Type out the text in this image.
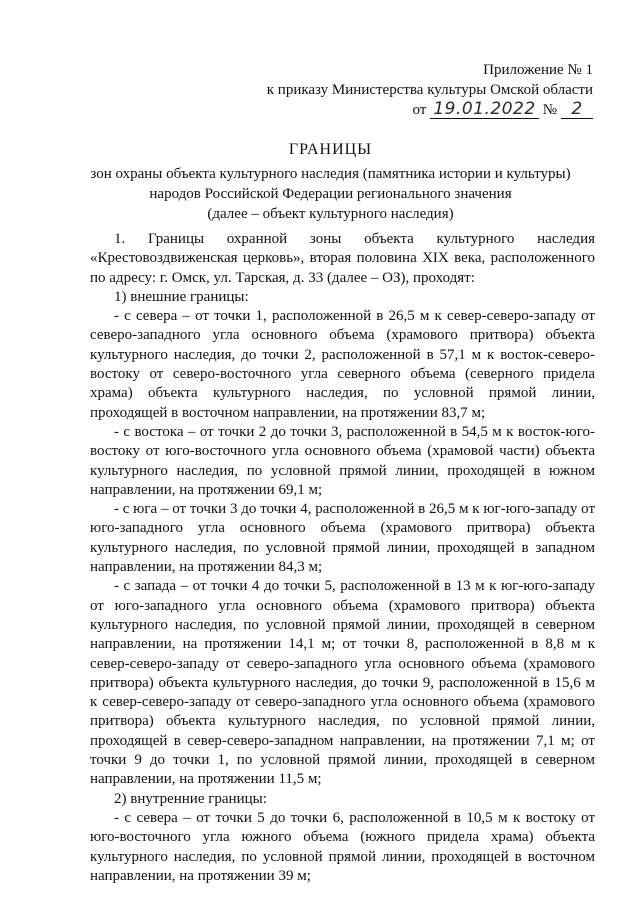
Приложение № 1
к приказу Министерства культуры Омской области
от 19.01.2022 № 2
ГРАНИЦЫ
зон охраны объекта культурного наследия (памятника истории и культуры)
народов Российской Федерации регионального значения
(далее – объект культурного наследия)

1. Границы охранной зоны объекта культурного наследия «Крестовоздвиженская церковь», вторая половина XIX века, расположенного по адресу: г. Омск, ул. Тарская, д. 33 (далее – ОЗ), проходят:

1) внешние границы:

- с севера – от точки 1, расположенной в 26,5 м к север-северо-западу от северо-западного угла основного объема (храмового притвора) объекта культурного наследия, до точки 2, расположенной в 57,1 м к восток-северо-востоку от северо-восточного угла северного объема (северного придела храма) объекта культурного наследия, по условной прямой линии, проходящей в восточном направлении, на протяжении 83,7 м;

- с востока – от точки 2 до точки 3, расположенной в 54,5 м к восток-юго-востоку от юго-восточного угла основного объема (храмовой части) объекта культурного наследия, по условной прямой линии, проходящей в южном направлении, на протяжении 69,1 м;

- с юга – от точки 3 до точки 4, расположенной в 26,5 м к юг-юго-западу от юго-западного угла основного объема (храмового притвора) объекта культурного наследия, по условной прямой линии, проходящей в западном направлении, на протяжении 84,3 м;

- с запада – от точки 4 до точки 5, расположенной в 13 м к юг-юго-западу от юго-западного угла основного объема (храмового притвора) объекта культурного наследия, по условной прямой линии, проходящей в северном направлении, на протяжении 14,1 м; от точки 8, расположенной в 8,8 м к север-северо-западу от северо-западного угла основного объема (храмового притвора) объекта культурного наследия, до точки 9, расположенной в 15,6 м к север-северо-западу от северо-западного угла основного объема (храмового притвора) объекта культурного наследия, по условной прямой линии, проходящей в север-северо-западном направлении, на протяжении 7,1 м; от точки 9 до точки 1, по условной прямой линии, проходящей в северном направлении, на протяжении 11,5 м;

2) внутренние границы:

- с севера – от точки 5 до точки 6, расположенной в 10,5 м к востоку от юго-восточного угла южного объема (южного придела храма) объекта культурного наследия, по условной прямой линии, проходящей в восточном направлении, на протяжении 39 м;
